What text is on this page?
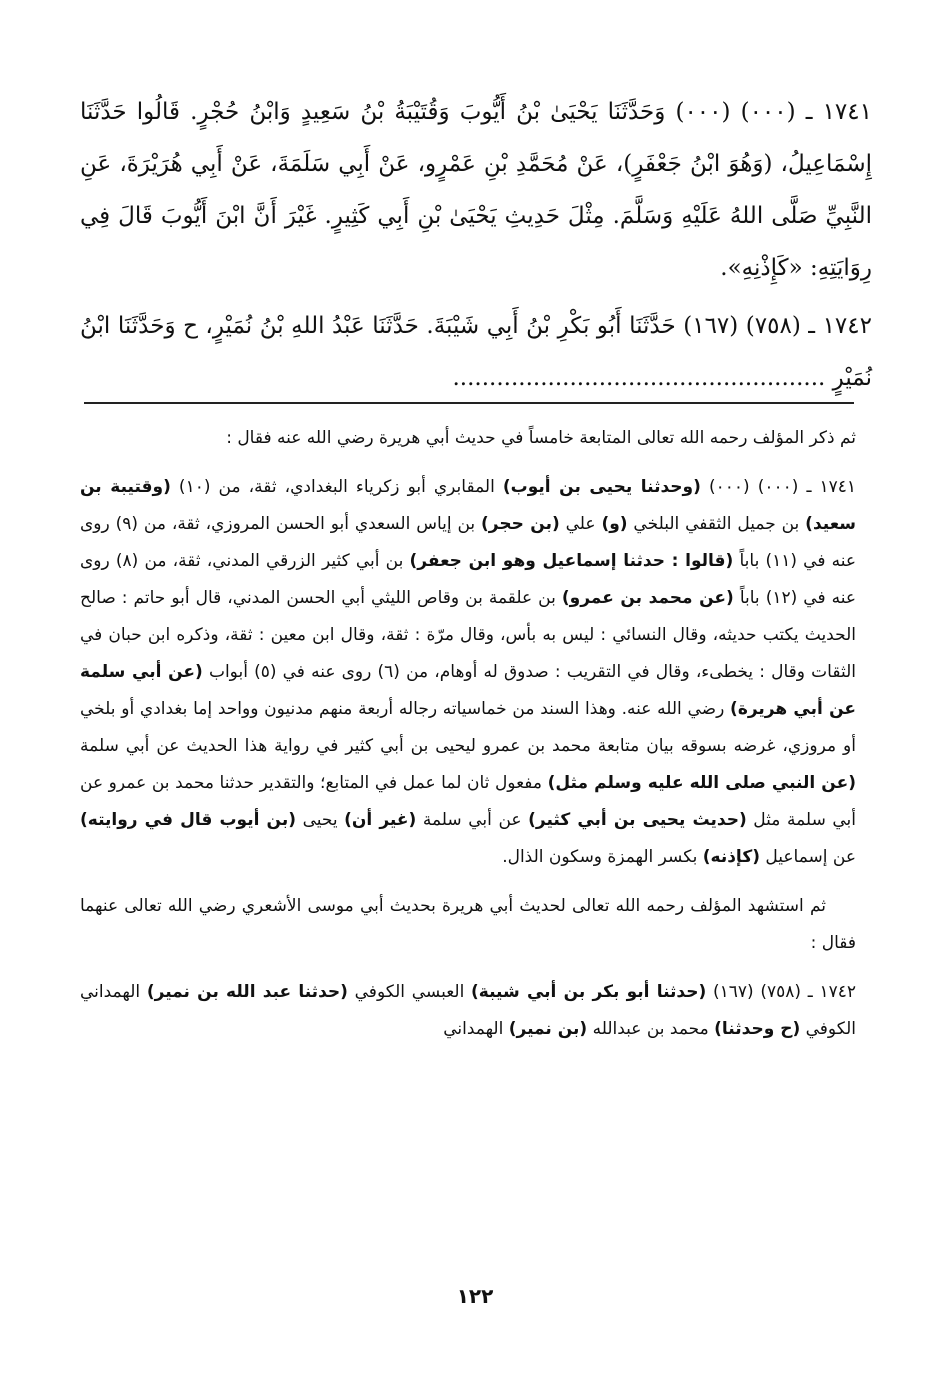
١٧٤١ ـ (٠٠٠) (٠٠٠) وَحَدَّثَنَا يَحْيَىٰ بْنُ أَيُّوبَ وَقُتَيْبَةُ بْنُ سَعِيدٍ وَابْنُ حُجْرٍ. قَالُوا حَدَّثَنَا إِسْمَاعِيلُ، (وَهُوَ ابْنُ جَعْفَرٍ)، عَنْ مُحَمَّدِ بْنِ عَمْرٍو، عَنْ أَبِي سَلَمَةَ، عَنْ أَبِي هُرَيْرَةَ، عَنِ النَّبِيِّ صَلَّى اللهُ عَلَيْهِ وَسَلَّمَ. مِثْلَ حَدِيثِ يَحْيَىٰ بْنِ أَبِي كَثِيرٍ. غَيْرَ أَنَّ ابْنَ أَيُّوبَ قَالَ فِي رِوَايَتِهِ: «كَإِذْنِهِ».

١٧٤٢ ـ (٧٥٨) (١٦٧) حَدَّثَنَا أَبُو بَكْرِ بْنُ أَبِي شَيْبَةَ. حَدَّثَنَا عَبْدُ اللهِ بْنُ نُمَيْرٍ، ح وَحَدَّثَنَا ابْنُ نُمَيْرٍ ...................................................

ثم ذكر المؤلف رحمه الله تعالى المتابعة خامساً في حديث أبي هريرة رضي الله عنه فقال :

١٧٤١ ـ (٠٠٠) (٠٠٠) (وحدثنا يحيى بن أيوب) المقابري أبو زكرياء البغدادي، ثقة، من (١٠) (وقتيبة بن سعيد) بن جميل الثقفي البلخي (و) علي (بن حجر) بن إياس السعدي أبو الحسن المروزي، ثقة، من (٩) روى عنه في (١١) باباً (قالوا : حدثنا إسماعيل وهو ابن جعفر) بن أبي كثير الزرقي المدني، ثقة، من (٨) روى عنه في (١٢) باباً (عن محمد بن عمرو) بن علقمة بن وقاص الليثي أبي الحسن المدني، قال أبو حاتم : صالح الحديث يكتب حديثه، وقال النسائي : ليس به بأس، وقال مرّة : ثقة، وقال ابن معين : ثقة، وذكره ابن حبان في الثقات وقال : يخطىء، وقال في التقريب : صدوق له أوهام، من (٦) روى عنه في (٥) أبواب (عن أبي سلمة عن أبي هريرة) رضي الله عنه. وهذا السند من خماسياته رجاله أربعة منهم مدنيون وواحد إما بغدادي أو بلخي أو مروزي، غرضه بسوقه بيان متابعة محمد بن عمرو ليحيى بن أبي كثير في رواية هذا الحديث عن أبي سلمة (عن النبي صلى الله عليه وسلم مثل) مفعول ثان لما عمل في المتابع؛ والتقدير حدثنا محمد بن عمرو عن أبي سلمة مثل (حديث يحيى بن أبي كثير) عن أبي سلمة (غير أن) يحيى (بن أيوب قال في روايته) عن إسماعيل (كإذنه) بكسر الهمزة وسكون الذال.

ثم استشهد المؤلف رحمه الله تعالى لحديث أبي هريرة بحديث أبي موسى الأشعري رضي الله تعالى عنهما فقال :

١٧٤٢ ـ (٧٥٨) (١٦٧) (حدثنا أبو بكر بن أبي شيبة) العبسي الكوفي (حدثنا عبد الله بن نمير) الهمداني الكوفي (ح وحدثنا) محمد بن عبدالله (بن نمير) الهمداني

١٢٢
